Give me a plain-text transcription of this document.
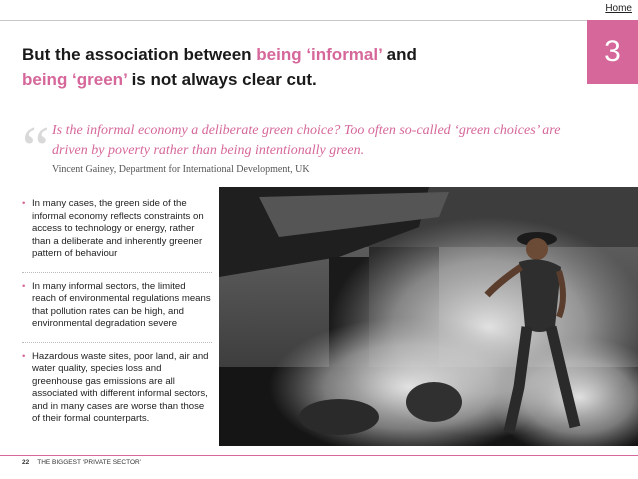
Home
3
But the association between being ‘informal’ and
being ‘green’ is not always clear cut.
“ Is the informal economy a deliberate green choice? Too often so-called ‘green choices’ are driven by poverty rather than being intentionally green.

Vincent Gainey, Department for International Development, UK
• In many cases, the green side of the informal economy reflects constraints on access to technology or energy, rather than a deliberate and inherently greener pattern of behaviour
• In many informal sectors, the limited reach of environmental regulations means that pollution rates can be high, and environmental degradation severe
• Hazardous waste sites, poor land, air and water quality, species loss and greenhouse gas emissions are all associated with different informal sectors, and in many cases are worse than those of their formal counterparts.
22 THE BIGGEST ‘PRIVATE SECTOR’
